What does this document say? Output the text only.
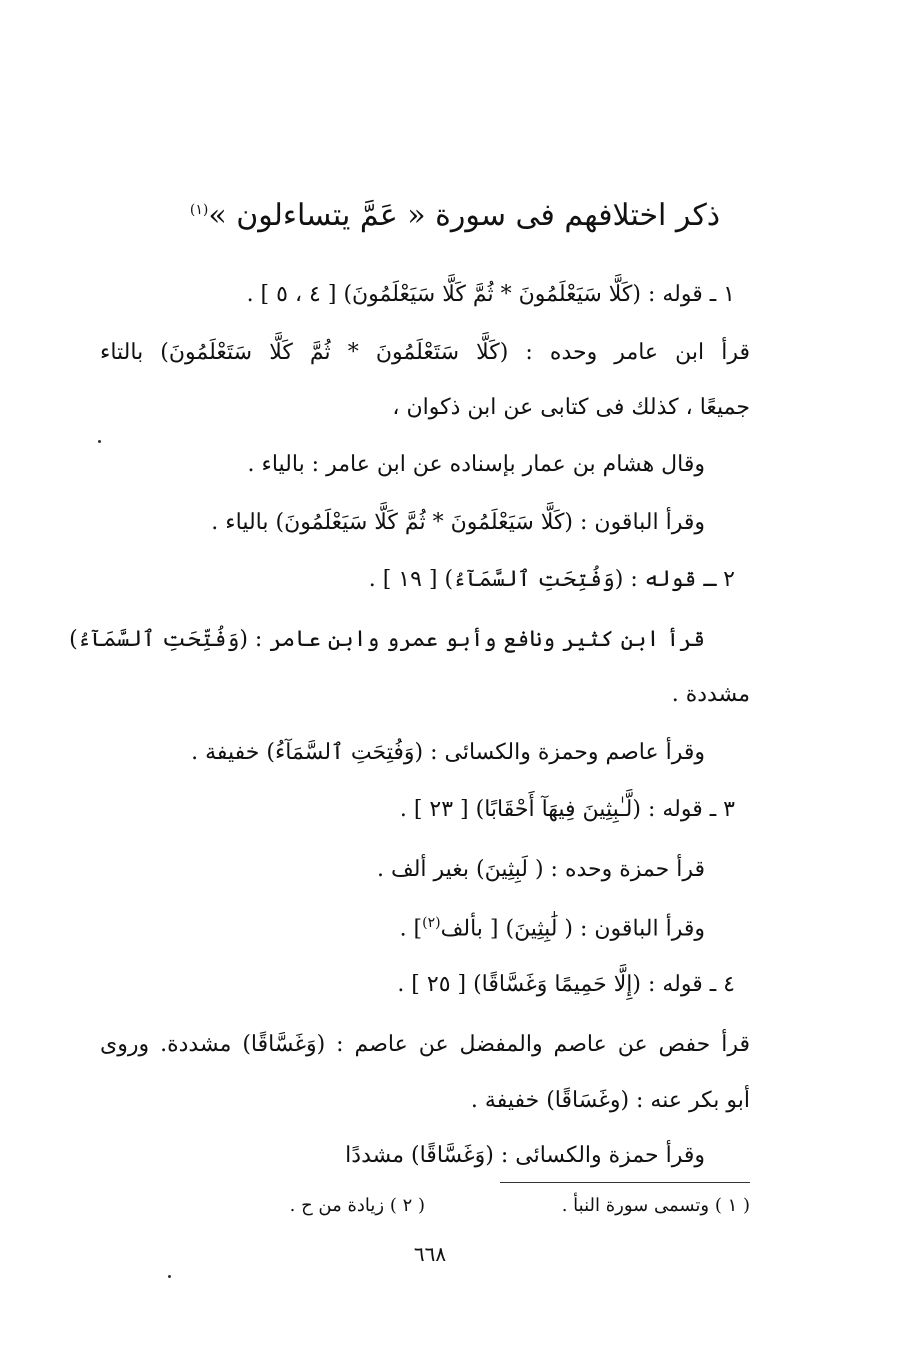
ذكر اختلافهم فى سورة « عَمَّ يتساءلون »$^{(١)}$
١ ـ قوله : (كَلَّا سَيَعْلَمُونَ * ثُمَّ كَلَّا سَيَعْلَمُونَ) [ ٤ ، ٥ ] .
قرأ ابن عامر وحده : (كَلَّا سَتَعْلَمُونَ * ثُمَّ كَلَّا سَتَعْلَمُونَ) بالتاء
جميعًا ، كذلك فى كتابى عن ابن ذكوان ،
وقال هشام بن عمار بإسناده عن ابن عامر : بالياء .
وقرأ الباقون : (كَلَّا سَيَعْلَمُونَ * ثُمَّ كَلَّا سَيَعْلَمُونَ) بالياء .
٢ ـ قوله : (وَفُتِحَتِ ٱلسَّمَآءُ) [ ١٩ ] .
قرأ ابن كثير ونافع وأبو عمرو وابن عامر : (وَفُتِّحَتِ ٱلسَّمَآءُ)
مشددة .
وقرأ عاصم وحمزة والكسائى : (وَفُتِحَتِ ٱلسَّمَآءُ) خفيفة .
٣ ـ قوله : (لَّـٰبِثِينَ فِيهَآ أَحْقَابًا) [ ٢٣ ] .
قرأ حمزة وحده : ( لَبِثِينَ) بغير ألف .
وقرأ الباقون : ( لَٰبِثِينَ) [ بألف$^{(٢)}$] .
٤ ـ قوله : (إِلَّا حَمِيمًا وَغَسَّاقًا) [ ٢٥ ] .
قرأ حفص عن عاصم والمفضل عن عاصم : (وَغَسَّاقًا) مشددة. وروى
أبو بكر عنه : (وغَسَاقًا) خفيفة .
وقرأ حمزة والكسائى : (وَغَسَّاقًا) مشددًا
( ١ ) وتسمى سورة النبأ .
( ٢ ) زيادة من ح .
٦٦٨
